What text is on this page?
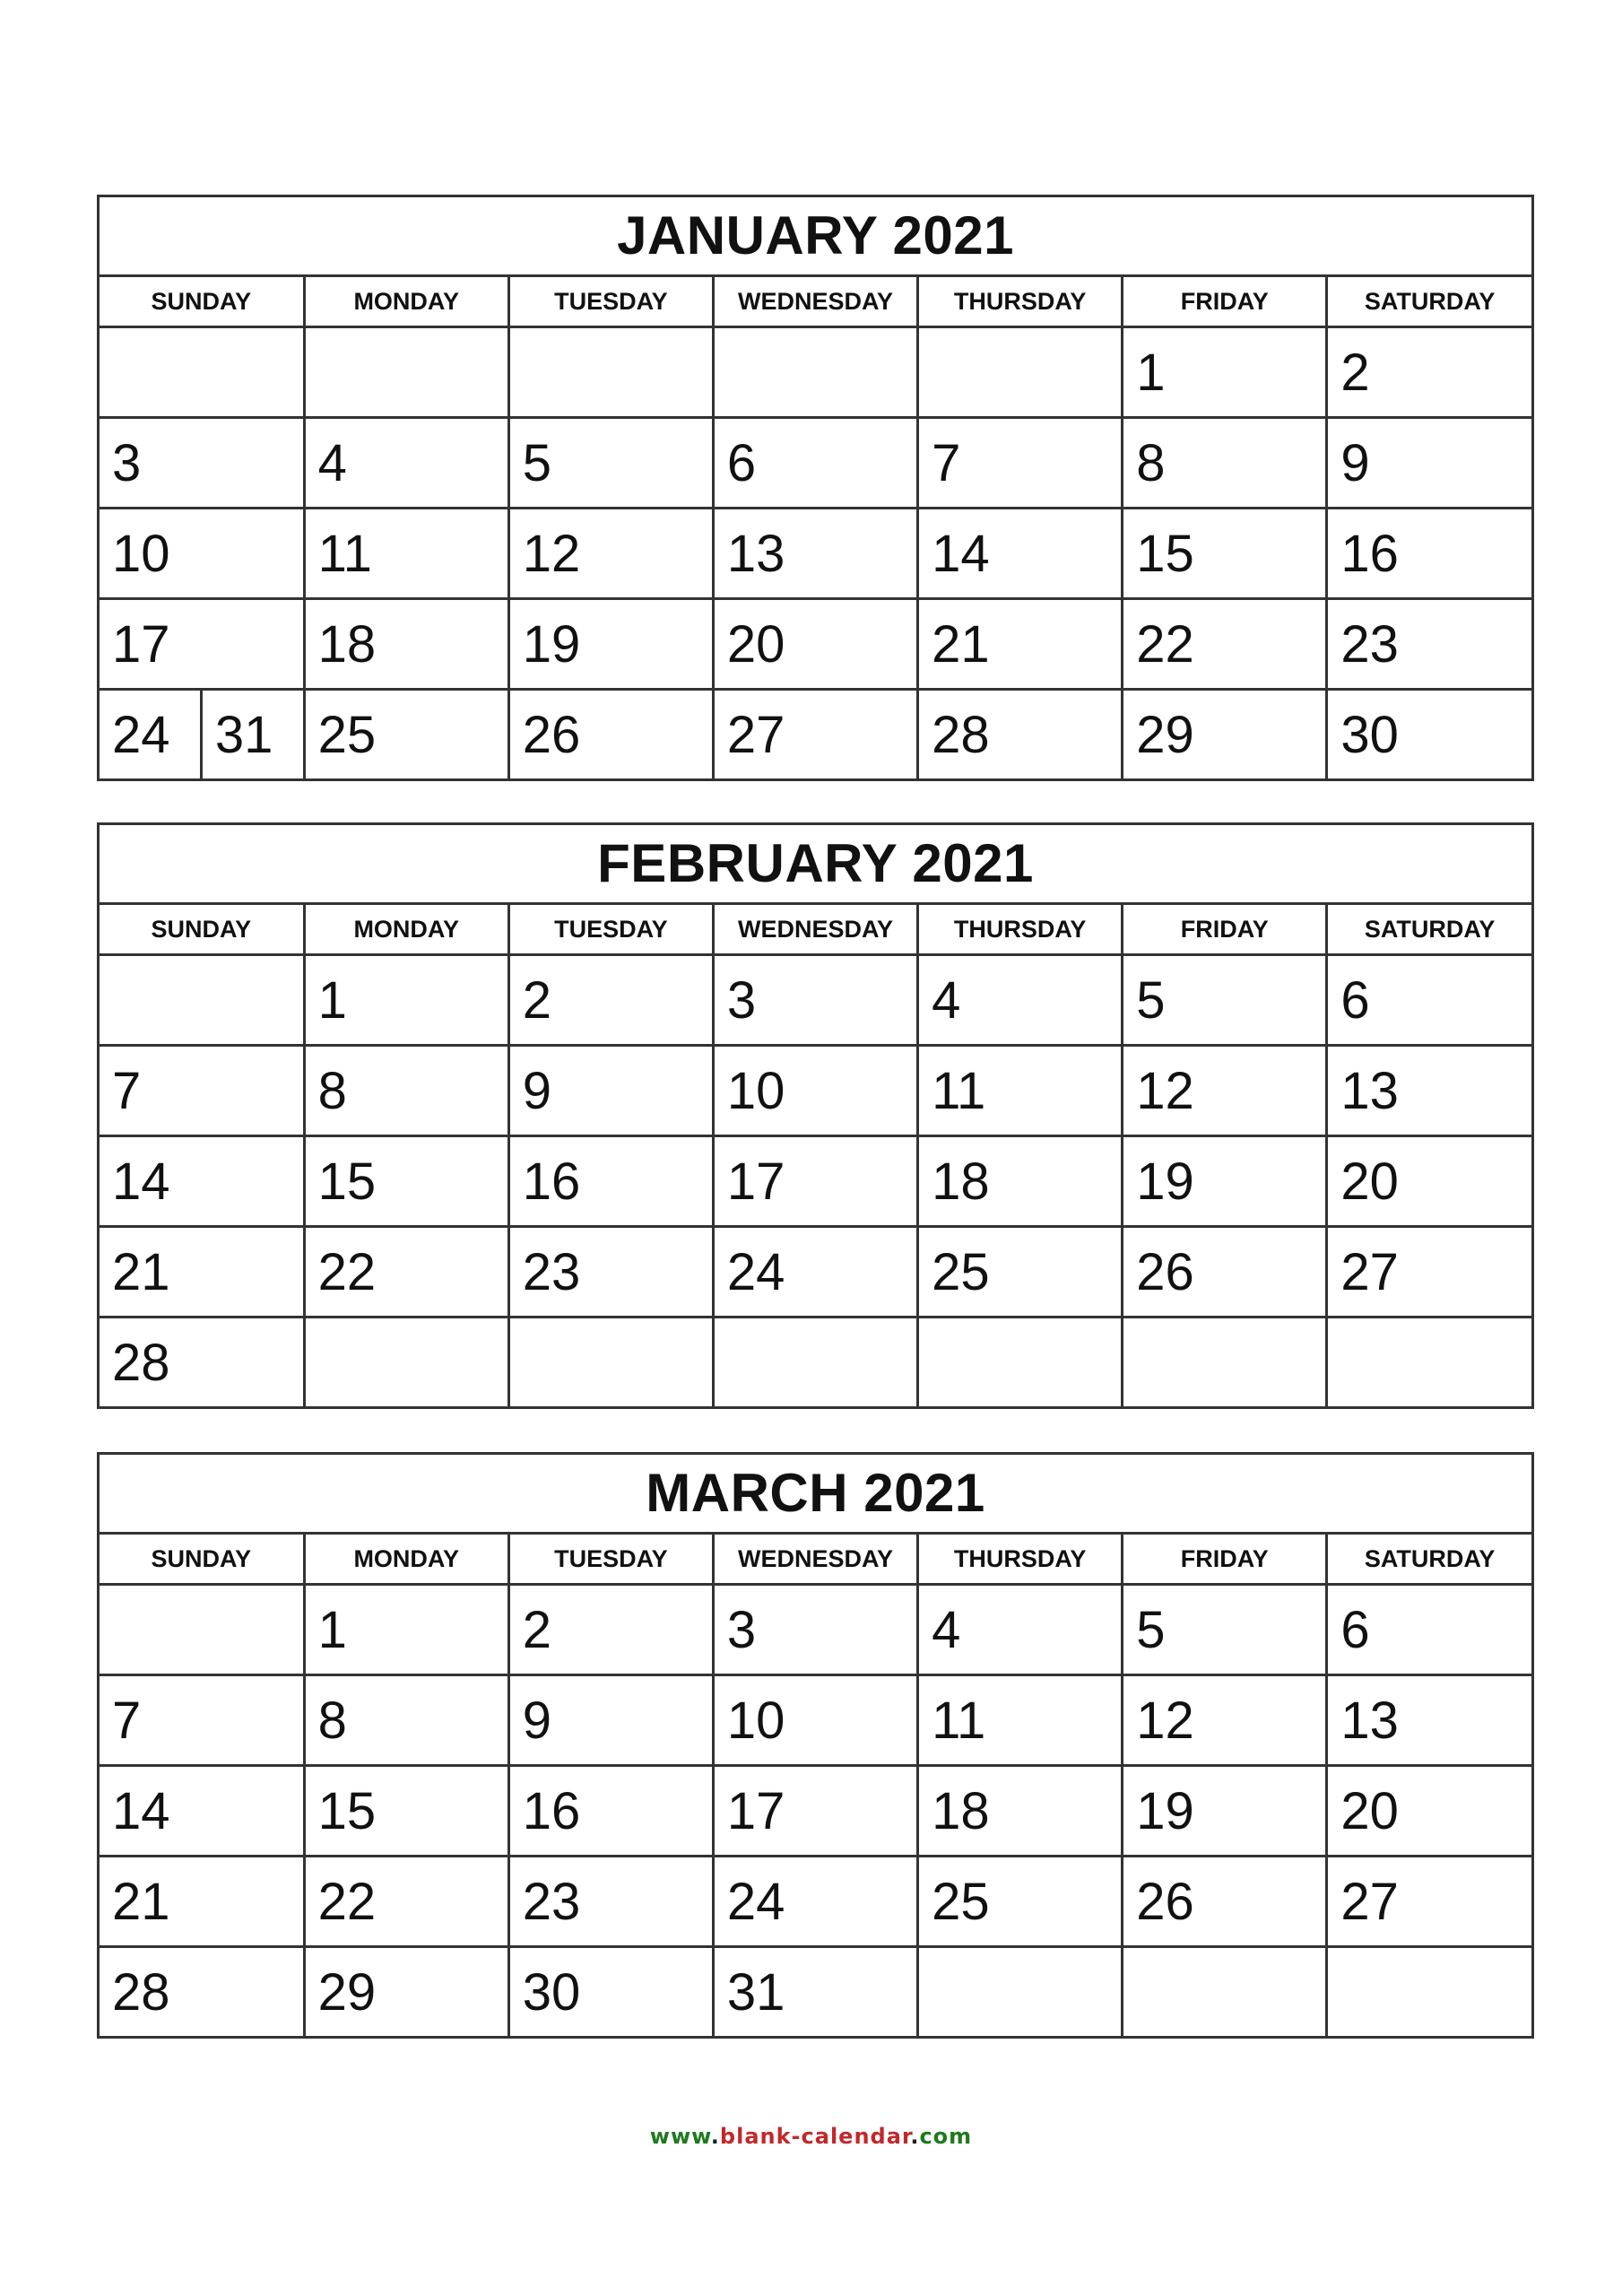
JANUARY 2021
SUNDAY	MONDAY	TUESDAY	WEDNESDAY	THURSDAY	FRIDAY	SATURDAY
					1	2
3	4	5	6	7	8	9
10	11	12	13	14	15	16
17	18	19	20	21	22	23

24 31	25	26	27	28	29	30
FEBRUARY 2021
SUNDAY	MONDAY	TUESDAY	WEDNESDAY	THURSDAY	FRIDAY	SATURDAY
	1	2	3	4	5	6
7	8	9	10	11	12	13
14	15	16	17	18	19	20
21	22	23	24	25	26	27
28						
MARCH 2021
SUNDAY	MONDAY	TUESDAY	WEDNESDAY	THURSDAY	FRIDAY	SATURDAY
	1	2	3	4	5	6
7	8	9	10	11	12	13
14	15	16	17	18	19	20
21	22	23	24	25	26	27
28	29	30	31			
www.blank-calendar.com
